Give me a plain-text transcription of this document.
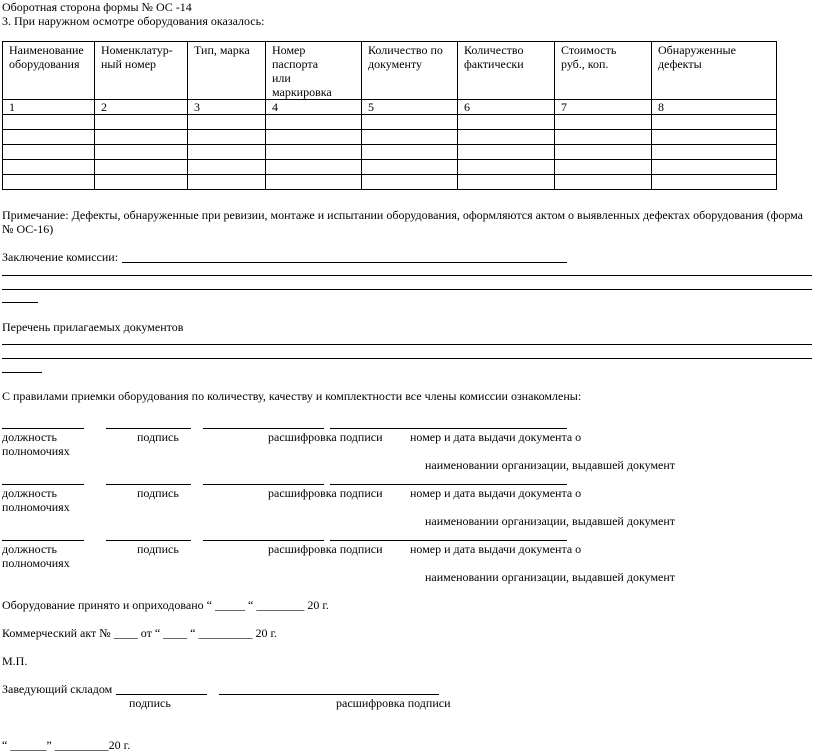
Оборотная сторона формы № ОС -14
3. При наружном осмотре оборудования оказалось:
Наименование оборудования	Номенклатур-ный номер	Тип, марка	Номер паспорта или маркировка	Количество по документу	Количество фактически	Стоимость руб., коп.	Обнаруженные дефекты
1	2	3	4	5	6	7	8

Примечание: Дефекты, обнаруженные при ревизии, монтаже и испытании оборудования, оформляются актом о выявленных дефектах оборудования (форма № ОС-16)
Заключение комиссии:
Перечень прилагаемых документов
С правилами приемки оборудования по количеству, качеству и комплектности все члены комиссии ознакомлены:
должность	подпись	расшифровка подписи номер и дата выдачи документа о
полномочиях
наименовании организации, выдавшей документ
должность	подпись	расшифровка подписи номер и дата выдачи документа о
полномочиях
наименовании организации, выдавшей документ
должность	подпись	расшифровка подписи номер и дата выдачи документа о
полномочиях
наименовании организации, выдавшей документ
Оборудование принято и оприходовано “ _____ “ ________ 20 г.
Коммерческий акт № ____ от “ ____ “ _________ 20 г.
М.П.
Заведующий складом
подпись	расшифровка подписи
“ ______” _________20 г.
